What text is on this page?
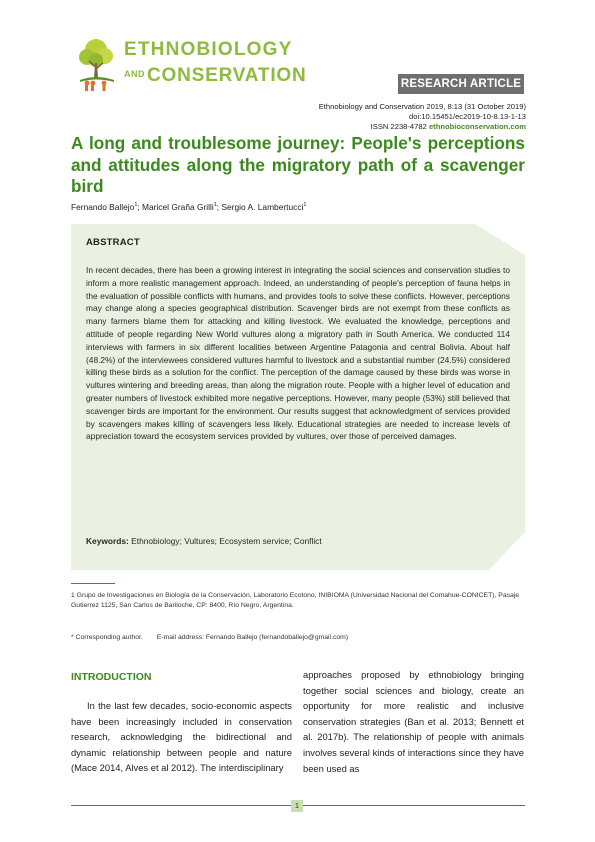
ETHNOBIOLOGY
$^{AND}$ CONSERVATION	RESEARCH ARTICLE
Ethnobiology and Conservation 2019, 8:13 (31 October 2019)
doi:10.15451/ec2019-10-8.13-1-13
ISSN 2238-4782 ethnobioconservation.com
A long and troublesome journey: People's perceptions and attitudes along the migratory path of a scavenger bird
Fernando Ballejo$^1$; Maricel Graña Grilli$^1$; Sergio A. Lambertucci$^1$
ABSTRACT

In recent decades, there has been a growing interest in integrating the social sciences and conservation studies to inform a more realistic management approach. Indeed, an understanding of people's perception of fauna helps in the evaluation of possible conflicts with humans, and provides tools to solve these conflicts. However, perceptions may change along a species geographical distribution. Scavenger birds are not exempt from these conflicts as many farmers blame them for attacking and killing livestock. We evaluated the knowledge, perceptions and attitude of people regarding New World vultures along a migratory path in South America. We conducted 114 interviews with farmers in six different localities between Argentine Patagonia and central Bolivia. About half (48.2%) of the interviewees considered vultures harmful to livestock and a substantial number (24.5%) considered killing these birds as a solution for the conflict. The perception of the damage caused by these birds was worse in vultures wintering and breeding areas, than along the migration route. People with a higher level of education and greater numbers of livestock exhibited more negative perceptions. However, many people (53%) still believed that scavenger birds are important for the environment. Our results suggest that acknowledgment of services provided by scavengers makes killing of scavengers less likely. Educational strategies are needed to increase levels of appreciation toward the ecosystem services provided by vultures, over those of perceived damages.

Keywords: Ethnobiology; Vultures; Ecosystem service; Conflict

1 Grupo de Investigaciones en Biología de la Conservación, Laboratorio Ecotono, INIBIOMA (Universidad Nacional del Comahue-CONICET), Pasaje Gutierrez 1125, San Carlos de Bariloche, CP: 8400, Río Negro, Argentina.

* Corresponding author. E-mail address: Fernando Ballejo (fernandoballejo@gmail.com)
INTRODUCTION

In the last few decades, socio-economic aspects have been increasingly included in conservation research, acknowledging the bidirectional and dynamic relationship between people and nature (Mace 2014, Alves et al 2012). The interdisciplinary

approaches proposed by ethnobiology bringing together social sciences and biology, create an opportunity for more realistic and inclusive conservation strategies (Ban et al. 2013; Bennett et al. 2017b). The relationship of people with animals involves several kinds of interactions since they have been used as

1
